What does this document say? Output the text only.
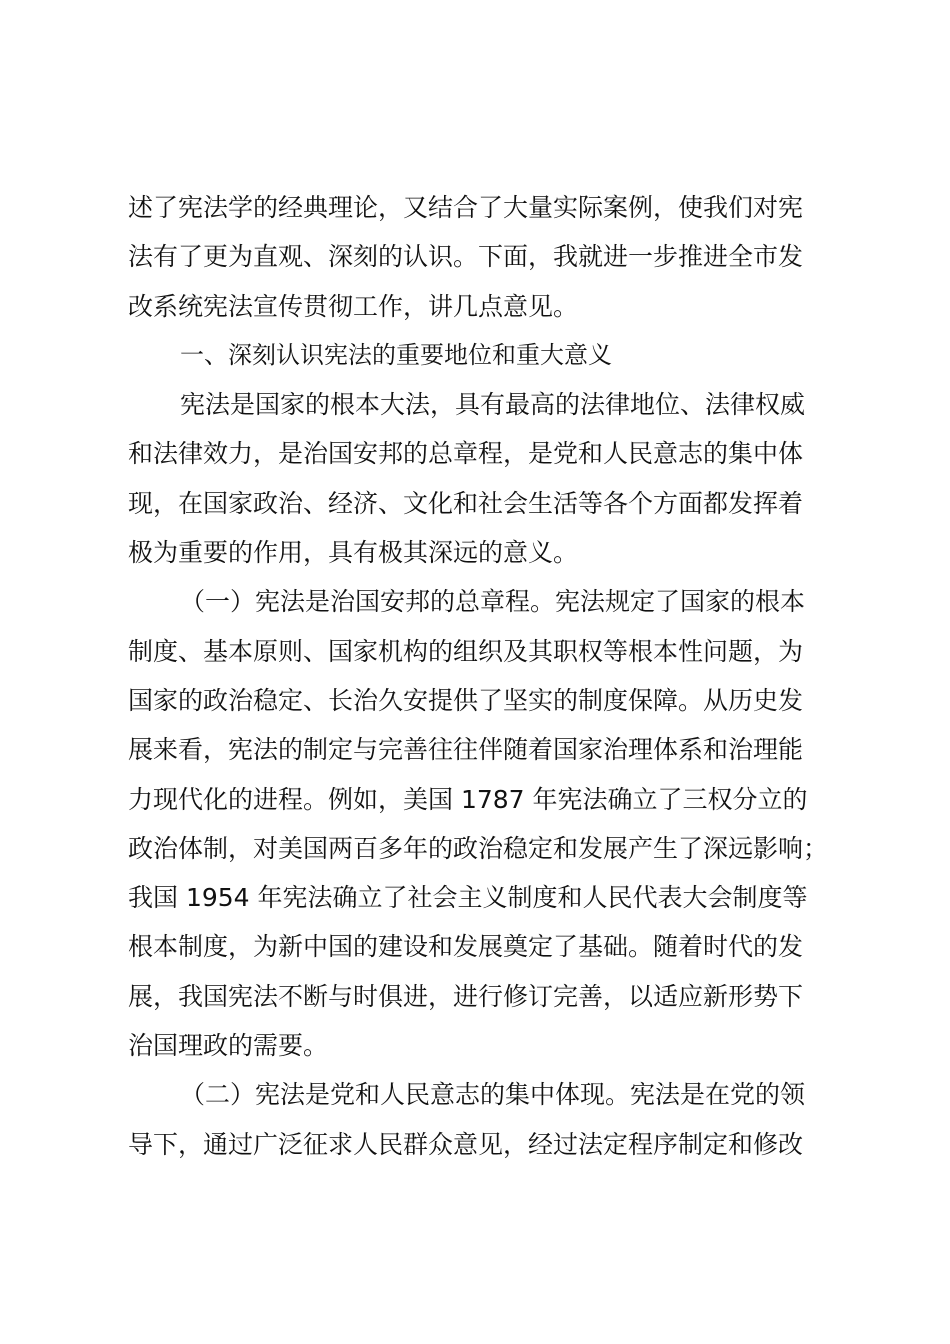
述了宪法学的经典理论，又结合了大量实际案例，使我们对宪
法有了更为直观、深刻的认识。下面，我就进一步推进全市发
改系统宪法宣传贯彻工作，讲几点意见。
一、深刻认识宪法的重要地位和重大意义
宪法是国家的根本大法，具有最高的法律地位、法律权威
和法律效力，是治国安邦的总章程，是党和人民意志的集中体
现，在国家政治、经济、文化和社会生活等各个方面都发挥着
极为重要的作用，具有极其深远的意义。
（一）宪法是治国安邦的总章程。宪法规定了国家的根本
制度、基本原则、国家机构的组织及其职权等根本性问题，为
国家的政治稳定、长治久安提供了坚实的制度保障。从历史发
展来看，宪法的制定与完善往往伴随着国家治理体系和治理能
力现代化的进程。例如，美国 1787 年宪法确立了三权分立的
政治体制，对美国两百多年的政治稳定和发展产生了深远影响；
我国 1954 年宪法确立了社会主义制度和人民代表大会制度等
根本制度，为新中国的建设和发展奠定了基础。随着时代的发
展，我国宪法不断与时俱进，进行修订完善，以适应新形势下
治国理政的需要。
（二）宪法是党和人民意志的集中体现。宪法是在党的领
导下，通过广泛征求人民群众意见，经过法定程序制定和修改
